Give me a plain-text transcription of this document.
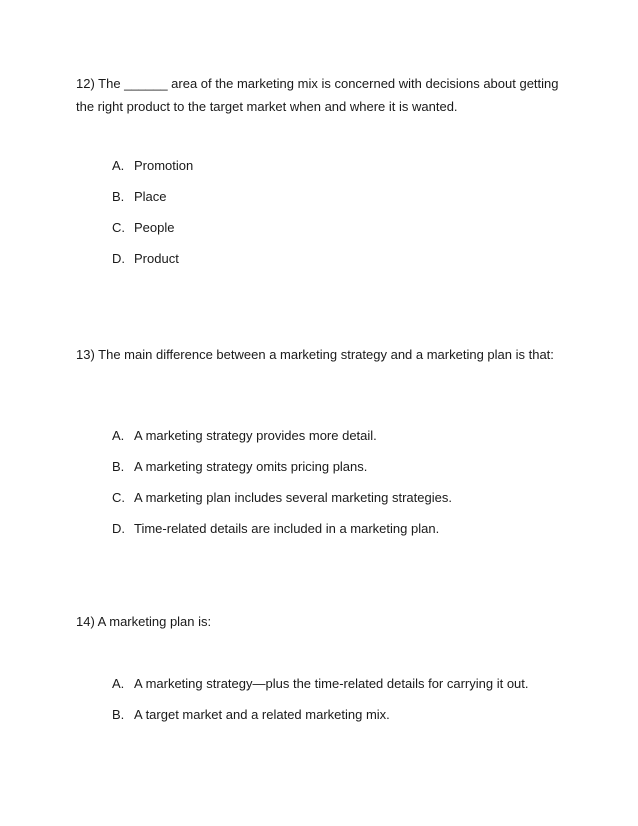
12) The ______ area of the marketing mix is concerned with decisions about getting the right product to the target market when and where it is wanted.

A. Promotion
B. Place
C. People
D. Product

13) The main difference between a marketing strategy and a marketing plan is that:

A. A marketing strategy provides more detail.
B. A marketing strategy omits pricing plans.
C. A marketing plan includes several marketing strategies.
D. Time-related details are included in a marketing plan.

14) A marketing plan is:

A. A marketing strategy—plus the time-related details for carrying it out.
B. A target market and a related marketing mix.
